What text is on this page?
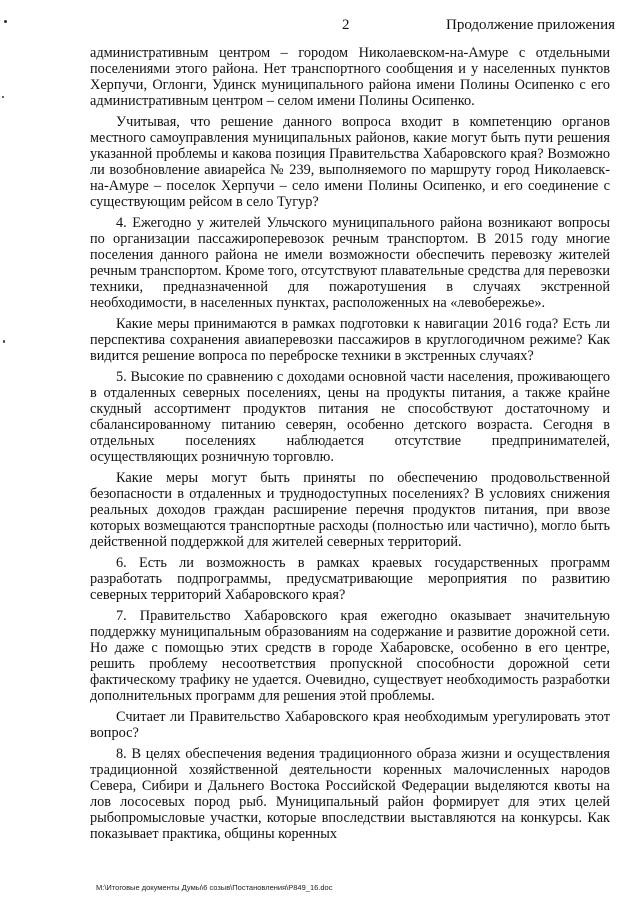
2	Продолжение приложения

административным центром – городом Николаевском-на-Амуре с отдельными поселениями этого района. Нет транспортного сообщения и у населенных пунктов Херпучи, Оглонги, Удинск муниципального района имени Полины Осипенко с его административным центром – селом имени Полины Осипенко.

Учитывая, что решение данного вопроса входит в компетенцию органов местного самоуправления муниципальных районов, какие могут быть пути решения указанной проблемы и какова позиция Правительства Хабаровского края? Возможно ли возобновление авиарейса № 239, выполняемого по маршруту город Николаевск-на-Амуре – поселок Херпучи – село имени Полины Осипенко, и его соединение с существующим рейсом в село Тугур?

4. Ежегодно у жителей Ульчского муниципального района возникают вопросы по организации пассажироперевозок речным транспортом. В 2015 году многие поселения данного района не имели возможности обеспечить перевозку жителей речным транспортом. Кроме того, отсутствуют плавательные средства для перевозки техники, предназначенной для пожаротушения в случаях экстренной необходимости, в населенных пунктах, расположенных на «левобережье».

Какие меры принимаются в рамках подготовки к навигации 2016 года? Есть ли перспектива сохранения авиаперевозки пассажиров в круглогодичном режиме? Как видится решение вопроса по переброске техники в экстренных случаях?

5. Высокие по сравнению с доходами основной части населения, проживающего в отдаленных северных поселениях, цены на продукты питания, а также крайне скудный ассортимент продуктов питания не способствуют достаточному и сбалансированному питанию северян, особенно детского возраста. Сегодня в отдельных поселениях наблюдается отсутствие предпринимателей, осуществляющих розничную торговлю.

Какие меры могут быть приняты по обеспечению продовольственной безопасности в отдаленных и труднодоступных поселениях? В условиях снижения реальных доходов граждан расширение перечня продуктов питания, при ввозе которых возмещаются транспортные расходы (полностью или частично), могло быть действенной поддержкой для жителей северных территорий.

6. Есть ли возможность в рамках краевых государственных программ разработать подпрограммы, предусматривающие мероприятия по развитию северных территорий Хабаровского края?

7. Правительство Хабаровского края ежегодно оказывает значительную поддержку муниципальным образованиям на содержание и развитие дорожной сети. Но даже с помощью этих средств в городе Хабаровске, особенно в его центре, решить проблему несоответствия пропускной способности дорожной сети фактическому трафику не удается. Очевидно, существует необходимость разработки дополнительных программ для решения этой проблемы.

Считает ли Правительство Хабаровского края необходимым урегулировать этот вопрос?

8. В целях обеспечения ведения традиционного образа жизни и осуществления традиционной хозяйственной деятельности коренных малочисленных народов Севера, Сибири и Дальнего Востока Российской Федерации выделяются квоты на лов лососевых пород рыб. Муниципальный район формирует для этих целей рыбопромысловые участки, которые впоследствии выставляются на конкурсы. Как показывает практика, общины коренных

M:\Итоговые документы Думы\6 созыв\Постановления\P849_16.doc
